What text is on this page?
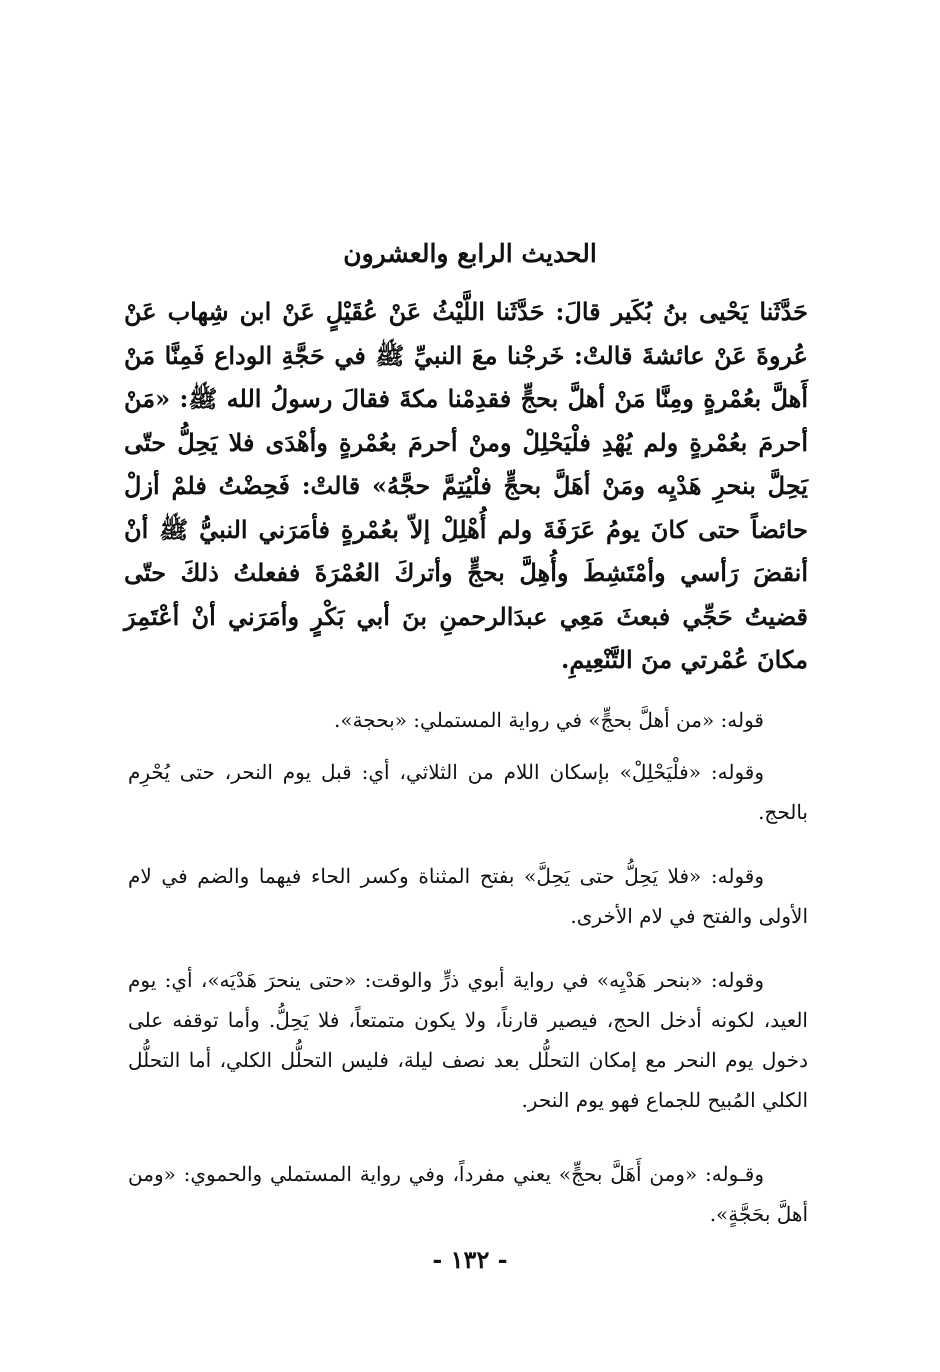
الحديث الرابع والعشرون
حَدَّثَنا يَحْيى بنُ بُكَير قالَ: حَدَّثَنا اللَّيْثُ عَنْ عُقَيْلٍ عَنْ ابن شِهاب عَنْ عُروةَ عَنْ عائشةَ قالتْ: خَرجْنا معَ النبيِّ ﷺ في حَجَّةِ الوداع فَمِنَّا مَنْ أَهلَّ بعُمْرةٍ ومِنَّا مَنْ أهلَّ بحجٍّ فقدِمْنا مكةَ فقالَ رسولُ الله ﷺ: «مَنْ أحرمَ بعُمْرةٍ ولم يُهْدِ فلْيَحْلِلْ ومنْ أحرمَ بعُمْرةٍ وأهْدَى فلا يَحِلُّ حتّى يَحِلَّ بنحرِ هَدْيِه ومَنْ أهَلَّ بحجٍّ فلْيُتِمَّ حجَّهُ» قالتْ: فَحِضْتُ فلمْ أزلْ حائضاً حتى كانَ يومُ عَرَفَةَ ولم أُهْلِلْ إلاّ بعُمْرةٍ فأمَرَني النبيُّ ﷺ أنْ أنقضَ رَأسي وأمْتَشِطَ وأُهِلَّ بحجٍّ وأتركَ العُمْرَةَ ففعلتُ ذلكَ حتّى قضيتُ حَجِّي فبعثَ مَعِي عبدَالرحمنِ بنَ أبي بَكْرٍ وأمَرَني أنْ أعْتَمِرَ مكانَ عُمْرتي منَ التَّنْعِيمِ.

قوله: «من أهلَّ بحجٍّ» في رواية المستملي: «بحجة».

وقوله: «فلْيَحْلِلْ» بإسكان اللام من الثلاثي، أي: قبل يوم النحر، حتى يُحْرِم بالحج.

وقوله: «فلا يَحِلُّ حتى يَحِلَّ» بفتح المثناة وكسر الحاء فيهما والضم في لام الأولى والفتح في لام الأخرى.

وقوله: «بنحر هَدْيِه» في رواية أبوي ذرٍّ والوقت: «حتى ينحرَ هَدْيَه»، أي: يوم العيد، لكونه أدخل الحج، فيصير قارناً، ولا يكون متمتعاً، فلا يَحِلُّ. وأما توقفه على دخول يوم النحر مع إمكان التحلُّل بعد نصف ليلة، فليس التحلُّل الكلي، أما التحلُّل الكلي المُبيح للجماع فهو يوم النحر.

وقـوله: «ومن أَهَلَّ بحجٍّ» يعني مفرداً، وفي رواية المستملي والحموي: «ومن أهلَّ بحَجَّةٍ».

- ١٣٢ -
